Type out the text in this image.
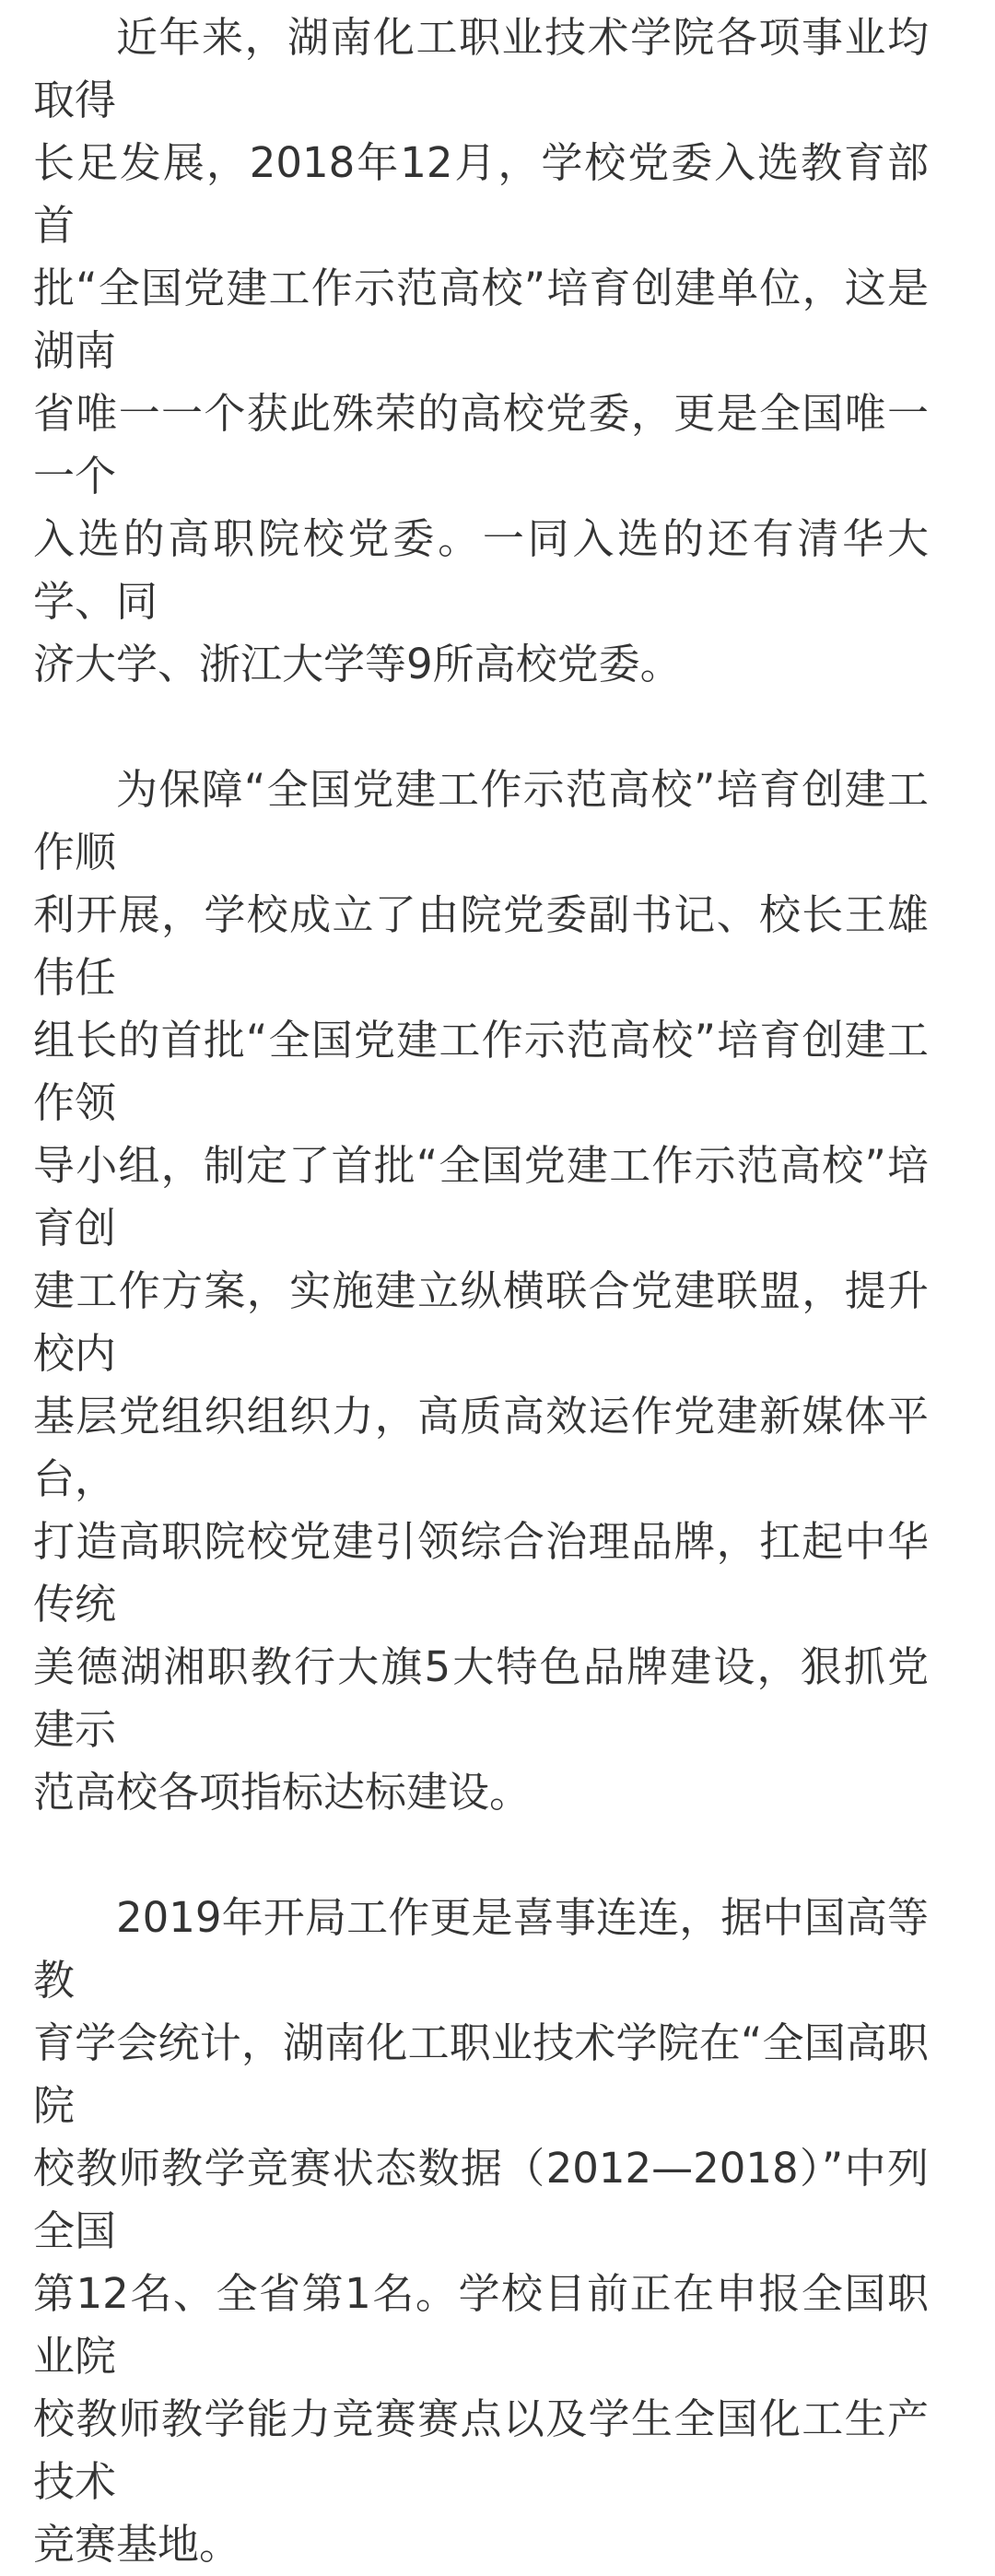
近年来，湖南化工职业技术学院各项事业均取得
长足发展，2018年12月，学校党委入选教育部首
批“全国党建工作示范高校”培育创建单位，这是湖南
省唯一一个获此殊荣的高校党委，更是全国唯一一个
入选的高职院校党委。一同入选的还有清华大学、同
济大学、浙江大学等9所高校党委。

为保障“全国党建工作示范高校”培育创建工作顺
利开展，学校成立了由院党委副书记、校长王雄伟任
组长的首批“全国党建工作示范高校”培育创建工作领
导小组，制定了首批“全国党建工作示范高校”培育创
建工作方案，实施建立纵横联合党建联盟，提升校内
基层党组织组织力，高质高效运作党建新媒体平台，
打造高职院校党建引领综合治理品牌，扛起中华传统
美德湖湘职教行大旗5大特色品牌建设，狠抓党建示
范高校各项指标达标建设。

2019年开局工作更是喜事连连，据中国高等教
育学会统计，湖南化工职业技术学院在“全国高职院
校教师教学竞赛状态数据（2012—2018）”中列全国
第12名、全省第1名。学校目前正在申报全国职业院
校教师教学能力竞赛赛点以及学生全国化工生产技术
竞赛基地。
